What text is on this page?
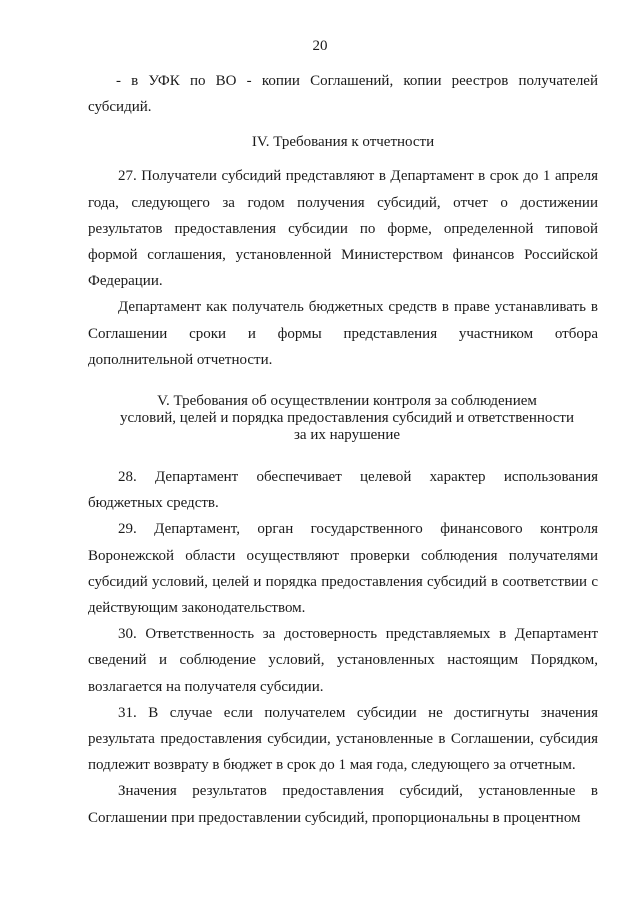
20

- в УФК по ВО - копии Соглашений, копии реестров получателей субсидий.

IV. Требования к отчетности

27. Получатели субсидий представляют в Департамент в срок до 1 апреля года, следующего за годом получения субсидий, отчет о достижении результатов предоставления субсидии по форме, определенной типовой формой соглашения, установленной Министерством финансов Российской Федерации.

Департамент как получатель бюджетных средств в праве устанавливать в Соглашении сроки и формы представления участником отбора дополнительной отчетности.

V. Требования об осуществлении контроля за соблюдением
условий, целей и порядка предоставления субсидий и ответственности
за их нарушение

28. Департамент обеспечивает целевой характер использования бюджетных средств.

29. Департамент, орган государственного финансового контроля Воронежской области осуществляют проверки соблюдения получателями субсидий условий, целей и порядка предоставления субсидий в соответствии с действующим законодательством.

30. Ответственность за достоверность представляемых в Департамент сведений и соблюдение условий, установленных настоящим Порядком, возлагается на получателя субсидии.

31. В случае если получателем субсидии не достигнуты значения результата предоставления субсидии, установленные в Соглашении, субсидия подлежит возврату в бюджет в срок до 1 мая года, следующего за отчетным.

Значения результатов предоставления субсидий, установленные в Соглашении при предоставлении субсидий, пропорциональны в процентном
